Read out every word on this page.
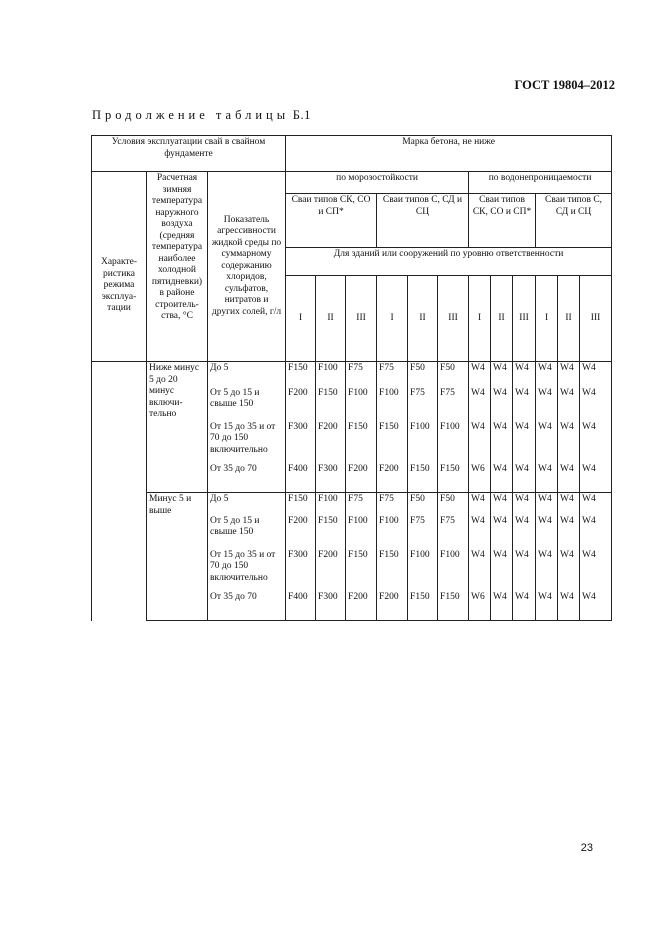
ГОСТ 19804–2012
Продолжение таблицы Б.1
Условия эксплуатации свай в свайном фундаменте			Марка бетона, не ниже											
Характе-ристика режима эксплуа-тации	Расчетная зимняя температура наружного воздуха (средняя температура наиболее холодной пятидневки) в районе строитель-ства, °С	Показатель агрессивности жидкой среды по суммарному содержанию хлоридов, сульфатов, нитратов и других солей, г/л	по морозостойкости						по водонепроницаемости					
			Сваи типов СК, СО и СП*			Сваи типов С, СД и СЦ			Сваи типов СК, СО и СП*			Сваи типов С, СД и СЦ		
			Для зданий или сооружений по уровню ответственности											
			I	II	III	I	II	III	I	II	III	I	II	III
	Ниже минус 5 до 20 минус включи-тельно	До 5	F150	F100	F75	F75	F50	F50	W4	W4	W4	W4	W4	W4
		От 5 до 15 и свыше 150	F200	F150	F100	F100	F75	F75	W4	W4	W4	W4	W4	W4
		От 15 до 35 и от 70 до 150 включительно	F300	F200	F150	F150	F100	F100	W4	W4	W4	W4	W4	W4
		От 35 до 70	F400	F300	F200	F200	F150	F150	W6	W4	W4	W4	W4	W4
	Минус 5 и выше	До 5	F150	F100	F75	F75	F50	F50	W4	W4	W4	W4	W4	W4
		От 5 до 15 и свыше 150	F200	F150	F100	F100	F75	F75	W4	W4	W4	W4	W4	W4
		От 15 до 35 и от 70 до 150 включительно	F300	F200	F150	F150	F100	F100	W4	W4	W4	W4	W4	W4
		От 35 до 70	F400	F300	F200	F200	F150	F150	W6	W4	W4	W4	W4	W4
23
